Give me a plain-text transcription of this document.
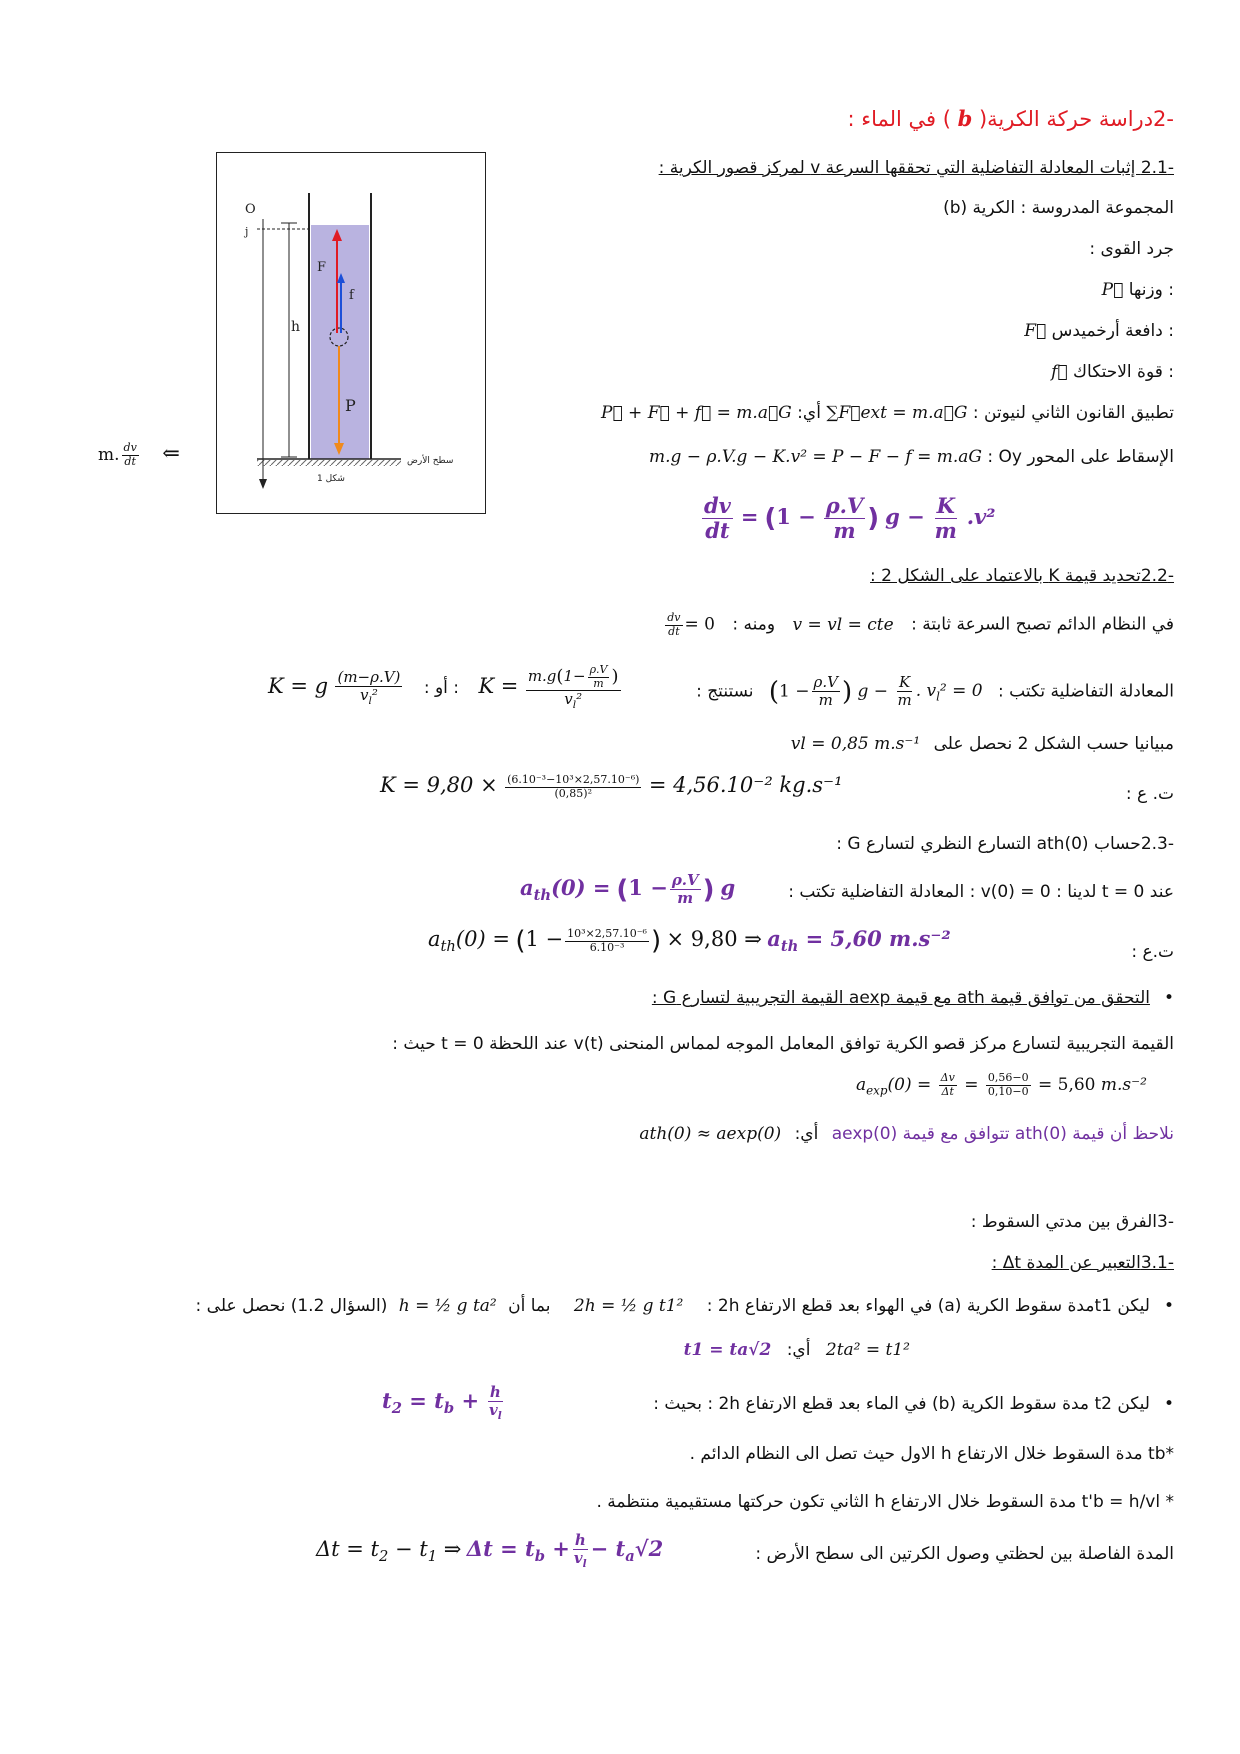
-2دراسة حركة الكرية( b ) في الماء :
-2.1 إثبات المعادلة التفاضلية التي تحققها السرعة v لمركز قصور الكرية :
المجموعة المدروسة : الكرية (b)
جرد القوى :
: وزنها P⃗
: دافعة أرخميدس F⃗
: قوة الاحتكاك f⃗
تطبيق القانون الثاني لنيوتن : ∑F⃗ext = m.a⃗G أي: P⃗ + F⃗ + f⃗ = m.a⃗G
الإسقاط على المحور Oy : m.g − ρ.V.g − K.v² = P − F − f = m.aG
m. $\frac{dv}{dt}$ ⇐
$\frac{dv}{dt} = (1 - \frac{\rho.V}{m}$ ) $g - \frac{K}{m} .v^2$
-2.2تحديد قيمة K بالاعتماد على الشكل 2 :
في النظام الدائم تصبح السرعة ثابتة : v = vl = cte ومنه :
$\frac{dv}{dt} = 0$
المعادلة التفاضلية تكتب : ($1 - \frac{\rho.V}{m}$ ) $g - \frac{K}{m}$ . $v_l^2 = 0$ نستنتج :
K = g $\frac{(m-\rho.V)}{v_l^2}$	: أو : $K = \frac{m.g(1- \frac{\rho.V}{m} )}{v_l^2}$
مبيانيا حسب الشكل 2 نحصل على vl = 0,85 m.s⁻¹
ت. ع :
$K = 9,80 \times \frac{\text{(6.10⁻³−10³×2,57.10⁻⁶)}}{\text{(0,85)²}} = 4,56.10^{-2}$ kg.s⁻¹
-2.3حساب ath(0) التسارع النظري لتسارع G :
عند t = 0 لدينا : v(0) = 0 : المعادلة التفاضلية تكتب :
$a_{th}(0) = (1 - \frac{\rho.V}{m}$ ) g
ت.ع :
$a_{th}(0) = (1 - \frac{\text{10³×2,57.10⁻⁶}}{\text{6.10⁻³}}$ ) × 9,80 ⇒ $a_{th} = 5,60$ m.s⁻²
•التحقق من توافق قيمة ath مع قيمة aexp القيمة التجريبية لتسارع G :
القيمة التجريبية لتسارع مركز قصو الكرية توافق المعامل الموجه لمماس المنحنى v(t) عند اللحظة t = 0 حيث :
$a_{exp}(0) = \frac{\Delta v}{\Delta t} = \frac{0,56-0}{0,10-0} = 5,60$ m.s⁻²
نلاحظ أن قيمة ath(0) تتوافق مع قيمة aexp(0) أي: ath(0) ≈ aexp(0)
-3الفرق بين مدتي السقوط :
-3.1التعبير عن المدة Δt :
•ليكن t1مدة سقوط الكرية (a) في الهواء بعد قطع الارتفاع 2h : 2h = ½ g t1² بما أن h = ½ g ta² (السؤال 1.2) نحصل على :
2ta² = t1² أي: t1 = ta√2
•ليكن t2 مدة سقوط الكرية (b) في الماء بعد قطع الارتفاع 2h : بحيث :
$t_2 = t_b + \frac{h}{v_l}$
*tb مدة السقوط خلال الارتفاع h الاول حيث تصل الى النظام الدائم .
* t'b = h/vl مدة السقوط خلال الارتفاع h الثاني تكون حركتها مستقيمية منتظمة .
المدة الفاصلة بين لحظتي وصول الكرتين الى سطح الأرض :
$\Delta t = t_2 - t_1$ ⇒ $\Delta t = t_b + \frac{h}{v_l} - t_a√2$
O
j
h
F
f
P
سطح الأرض
شكل 1
